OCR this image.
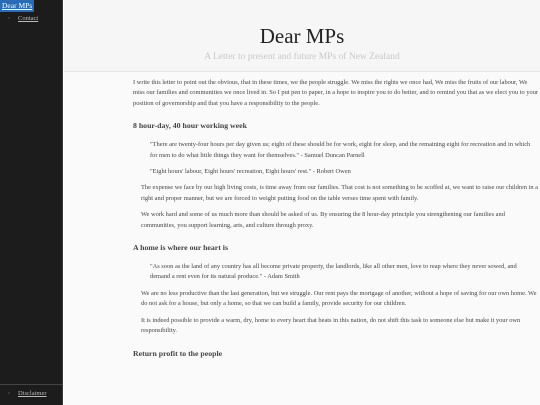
Dear MPs
◦ Contact
◦ Disclaimer
Dear MPs
A Letter to present and future MPs of New Zealand

I write this letter to point out the obvious, that in these times, we the people struggle. We miss the rights we once had, We miss the fruits of our labour, We miss our families and communities we once lived in. So I put pen to paper, in a hope to inspire you to do better, and to remind you that as we elect you to your position of governorship and that you have a responsibility to the people.

8 hour-day, 40 hour working week

"There are twenty-four hours per day given us; eight of these should be for work, eight for sleep, and the remaining eight for recreation and in which for men to do what little things they want for themselves." - Samuel Duncan Parnell

"Eight hours' labour, Eight hours' recreation, Eight hours' rest." - Robert Owen

The expense we face by our high living costs, is time away from our families. That cost is not something to be scoffed at, we want to raise our children in a right and proper manner, but we are forced to weight putting food on the table verses time spent with family.

We work hard and some of us much more than should be asked of us. By ensuring the 8 hour-day principle you strengthening our families and communities, you support learning, arts, and culture through proxy.

A home is where our heart is

"As soon as the land of any country has all become private property, the landlords, like all other men, love to reap where they never sowed, and demand a rent even for its natural produce." - Adam Smith

We are no less productive than the last generation, but we struggle. Our rent pays the mortgage of another, without a hope of saving for our own home. We do not ask for a house, but only a home, so that we can build a family, provide security for our children.

It is indeed possible to provide a warm, dry, home to every heart that beats in this nation, do not shift this task to someone else but make it your own responsibility.

Return profit to the people
